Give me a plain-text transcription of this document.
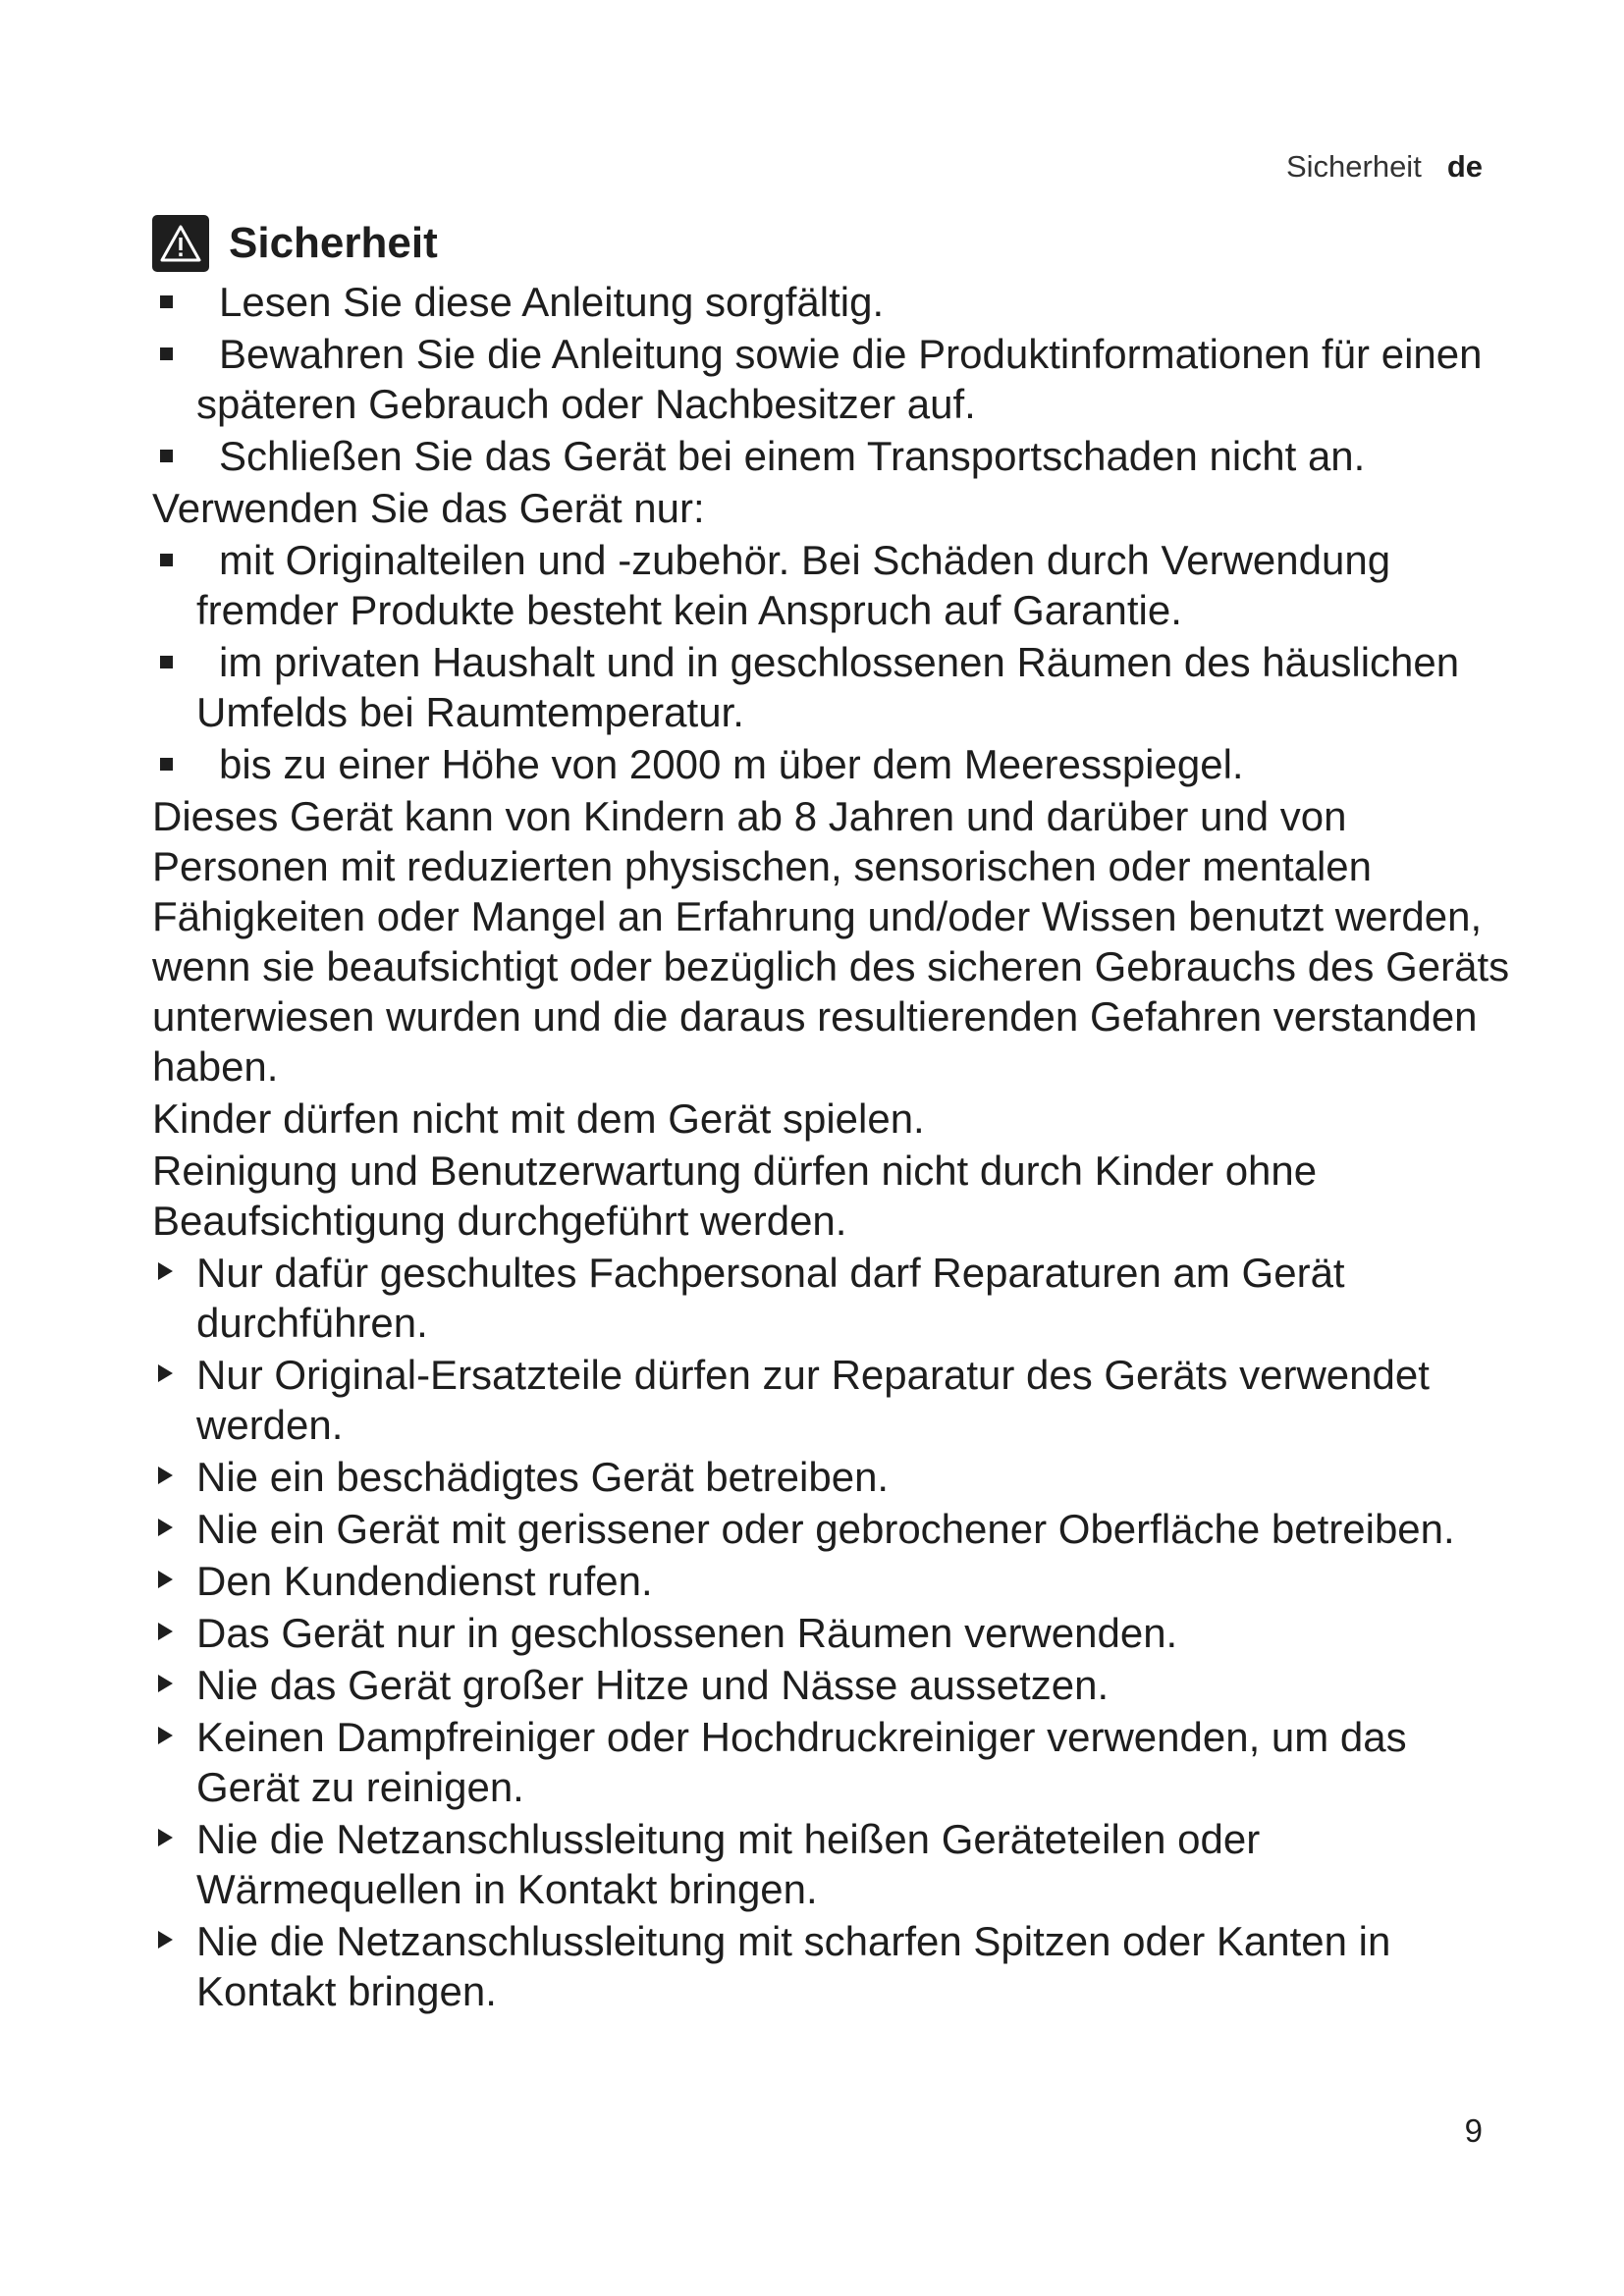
Sicherheit de
Sicherheit
Lesen Sie diese Anleitung sorgfältig.
Bewahren Sie die Anleitung sowie die Produktinformationen für einen späteren Gebrauch oder Nachbesitzer auf.
Schließen Sie das Gerät bei einem Transportschaden nicht an.

Verwenden Sie das Gerät nur:

mit Originalteilen und -zubehör. Bei Schäden durch Verwendung fremder Produkte besteht kein Anspruch auf Garantie.
im privaten Haushalt und in geschlossenen Räumen des häuslichen Umfelds bei Raumtemperatur.
bis zu einer Höhe von 2000 m über dem Meeresspiegel.

Dieses Gerät kann von Kindern ab 8 Jahren und darüber und von Personen mit reduzierten physischen, sensorischen oder mentalen Fähigkeiten oder Mangel an Erfahrung und/oder Wissen benutzt werden, wenn sie beaufsichtigt oder bezüglich des sicheren Gebrauchs des Geräts unterwiesen wurden und die daraus resultierenden Gefahren verstanden haben.

Kinder dürfen nicht mit dem Gerät spielen.

Reinigung und Benutzerwartung dürfen nicht durch Kinder ohne Beaufsichtigung durchgeführt werden.

Nur dafür geschultes Fachpersonal darf Reparaturen am Gerät durchführen.
Nur Original-Ersatzteile dürfen zur Reparatur des Geräts verwendet werden.
Nie ein beschädigtes Gerät betreiben.
Nie ein Gerät mit gerissener oder gebrochener Oberfläche betreiben.
Den Kundendienst rufen.
Das Gerät nur in geschlossenen Räumen verwenden.
Nie das Gerät großer Hitze und Nässe aussetzen.
Keinen Dampfreiniger oder Hochdruckreiniger verwenden, um das Gerät zu reinigen.
Nie die Netzanschlussleitung mit heißen Geräteteilen oder Wärmequellen in Kontakt bringen.
Nie die Netzanschlussleitung mit scharfen Spitzen oder Kanten in Kontakt bringen.
9
